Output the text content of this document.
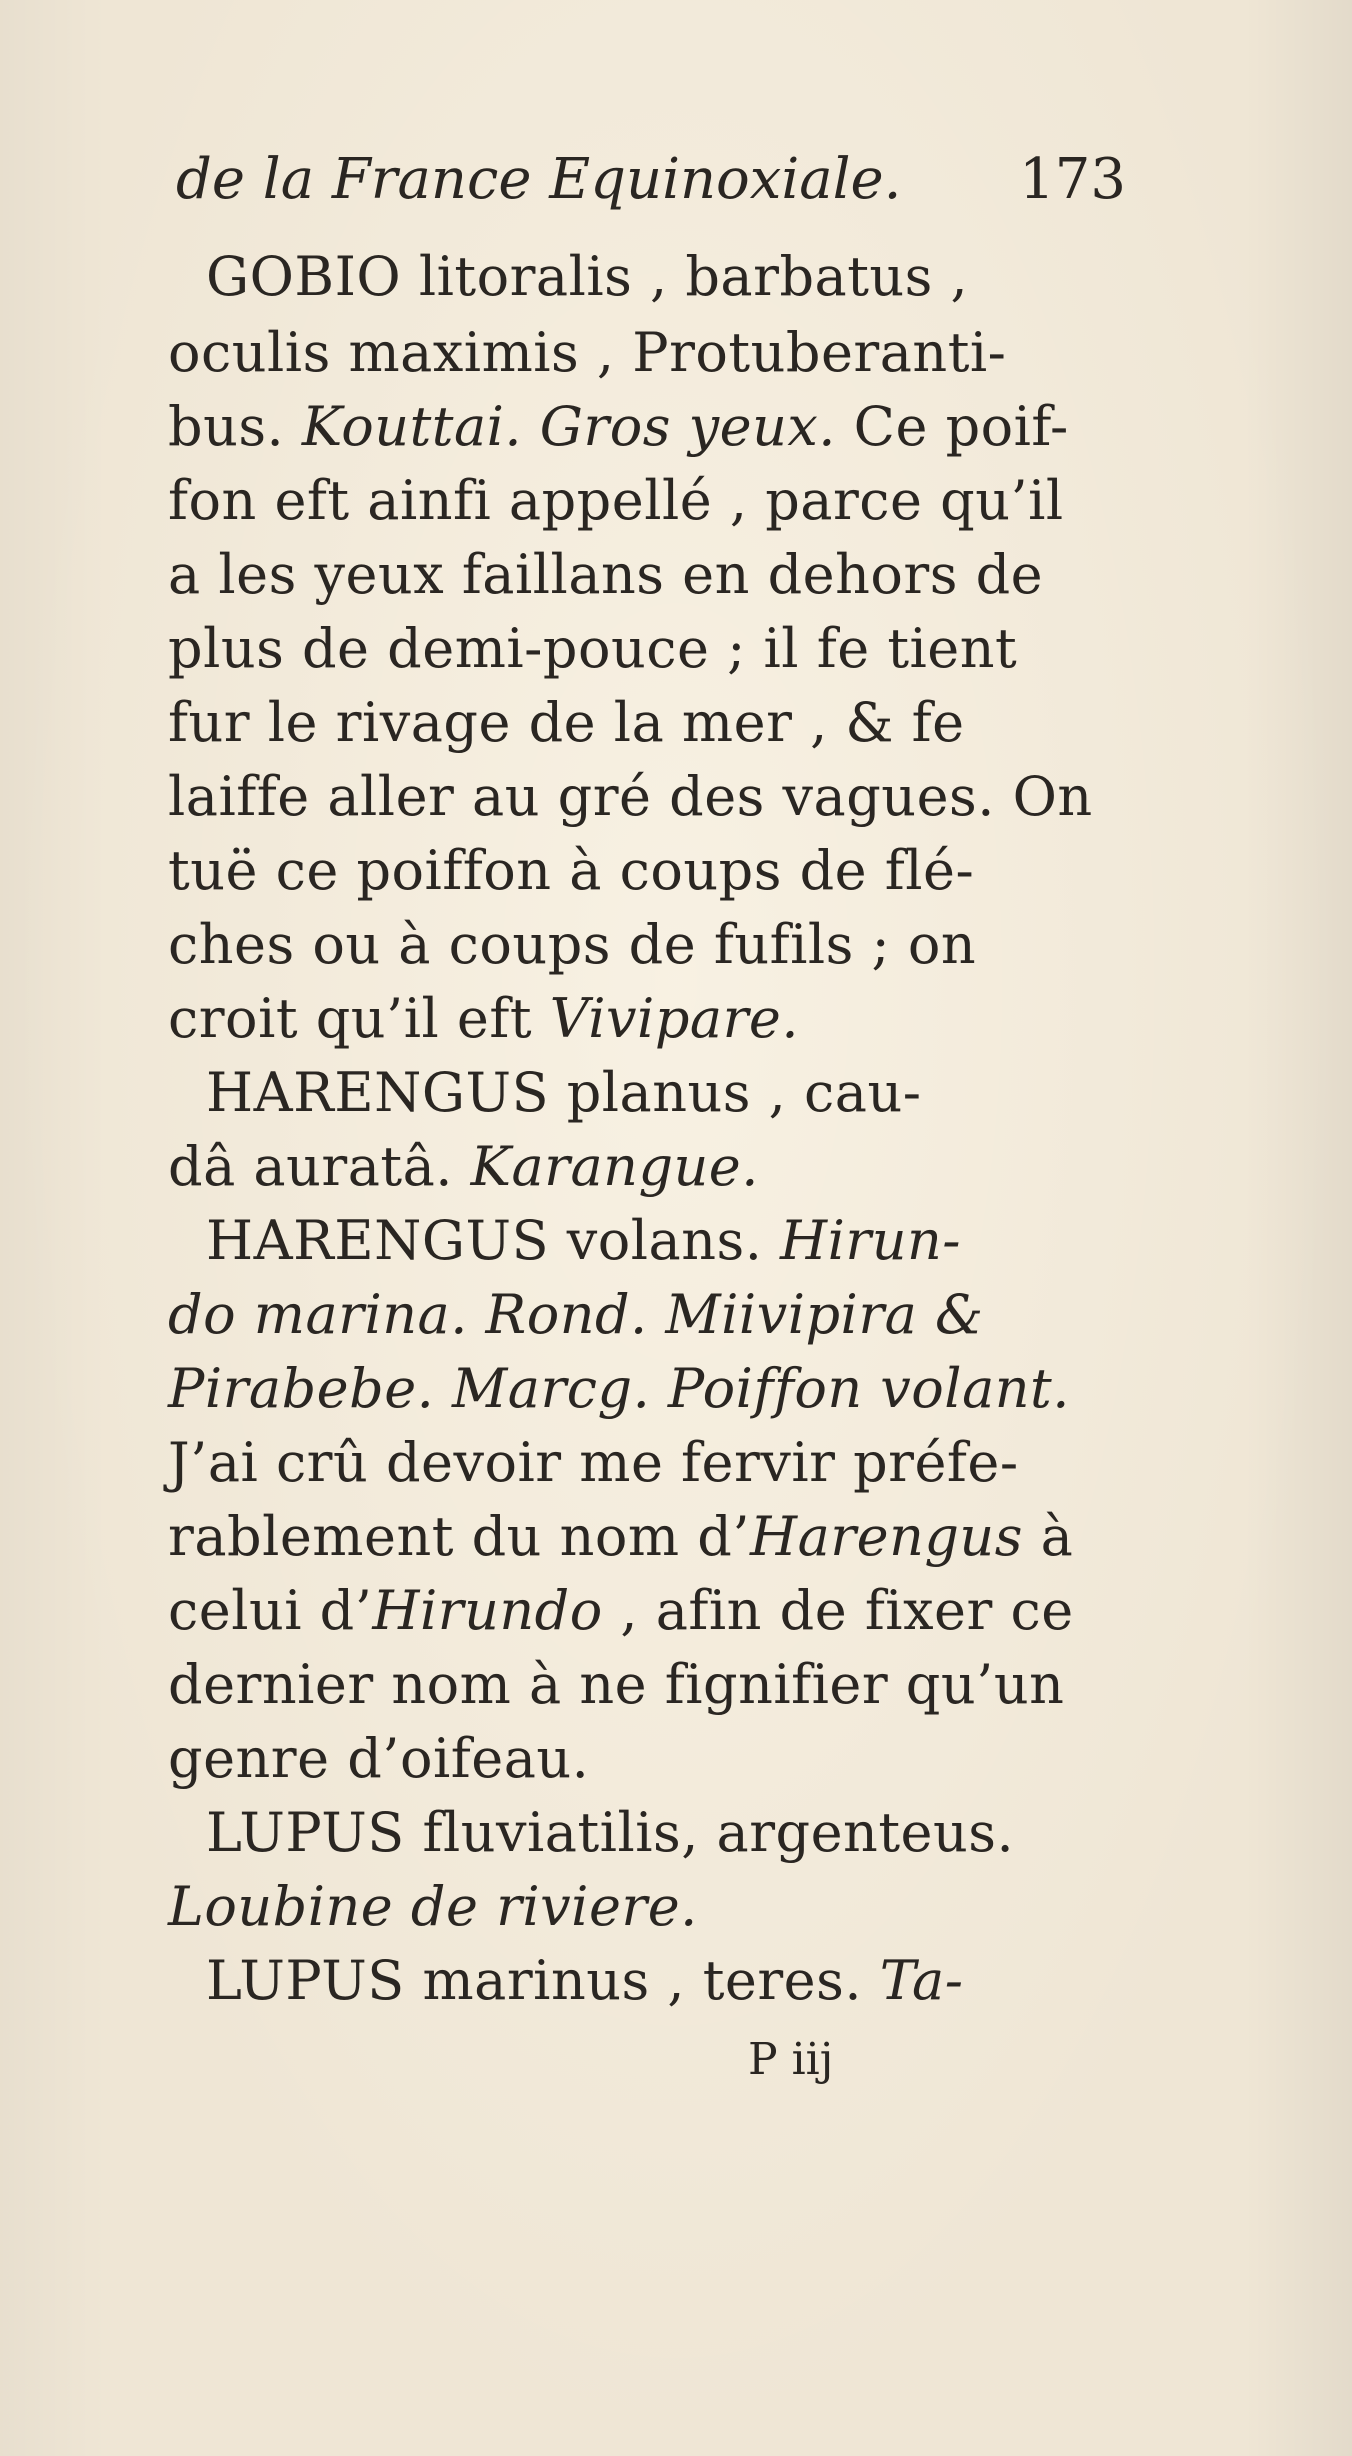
de la France Equinoxiale. 173
GOBIO litoralis , barbatus ,
oculis maximis , Protuberanti-
bus. Kouttai. Gros yeux. Ce poif-
fon eft ainfi appellé , parce qu’il
a les yeux faillans en dehors de
plus de demi-pouce ; il fe tient
fur le rivage de la mer , & fe
laiffe aller au gré des vagues. On
tuë ce poiffon à coups de flé-
ches ou à coups de fufils ; on
croit qu’il eft Vivipare.
HARENGUS planus , cau-
dâ auratâ. Karangue.
HARENGUS volans. Hirun-
do marina. Rond. Miivipira &
Pirabebe. Marcg. Poiffon volant.
J’ai crû devoir me fervir préfe-
rablement du nom d’Harengus à
celui d’Hirundo , afin de fixer ce
dernier nom à ne fignifier qu’un
genre d’oifeau.
LUPUS fluviatilis, argenteus.
Loubine de riviere.
LUPUS marinus , teres. Ta-
P iij
